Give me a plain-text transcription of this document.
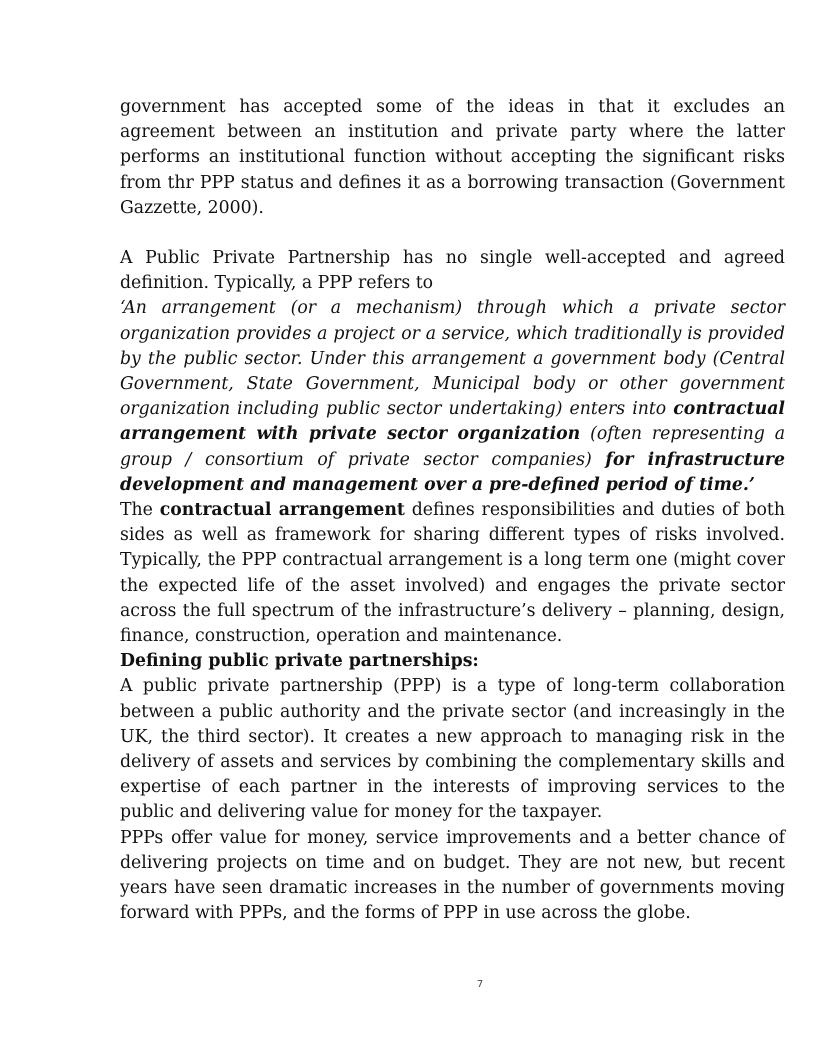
government has accepted some of the ideas in that it excludes an agreement between an institution and private party where the latter performs an institutional function without accepting the significant risks from thr PPP status and defines it as a borrowing transaction (Government Gazzette, 2000).

A Public Private Partnership has no single well-accepted and agreed definition. Typically, a PPP refers to

‘An arrangement (or a mechanism) through which a private sector organization provides a project or a service, which traditionally is provided by the public sector. Under this arrangement a government body (Central Government, State Government, Municipal body or other government organization including public sector undertaking) enters into contractual arrangement with private sector organization (often representing a group / consortium of private sector companies) for infrastructure development and management over a pre-defined period of time.’

The contractual arrangement defines responsibilities and duties of both sides as well as framework for sharing different types of risks involved. Typically, the PPP contractual arrangement is a long term one (might cover the expected life of the asset involved) and engages the private sector across the full spectrum of the infrastructure’s delivery – planning, design, finance, construction, operation and maintenance.

Defining public private partnerships:

A public private partnership (PPP) is a type of long-term collaboration between a public authority and the private sector (and increasingly in the UK, the third sector). It creates a new approach to managing risk in the delivery of assets and services by combining the complementary skills and expertise of each partner in the interests of improving services to the public and delivering value for money for the taxpayer.

PPPs offer value for money, service improvements and a better chance of delivering projects on time and on budget. They are not new, but recent years have seen dramatic increases in the number of governments moving forward with PPPs, and the forms of PPP in use across the globe.

7
